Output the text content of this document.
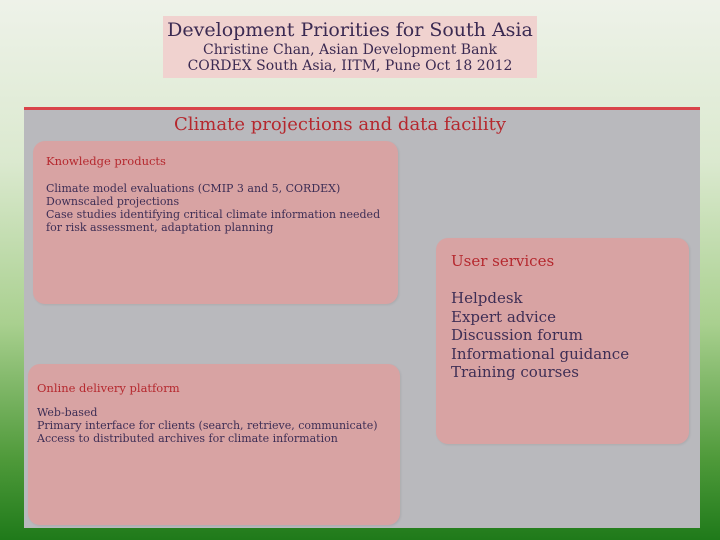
Development Priorities for South Asia
Christine Chan, Asian Development Bank
CORDEX South Asia, IITM, Pune Oct 18 2012
Climate projections and data facility
Knowledge products
Climate model evaluations (CMIP 3 and 5, CORDEX)
Downscaled projections
Case studies identifying critical climate information needed for risk assessment, adaptation planning
Online delivery platform
Web-based
Primary interface for clients (search, retrieve, communicate)
Access to distributed archives for climate information
User services
Helpdesk
Expert advice
Discussion forum
Informational guidance
Training courses
